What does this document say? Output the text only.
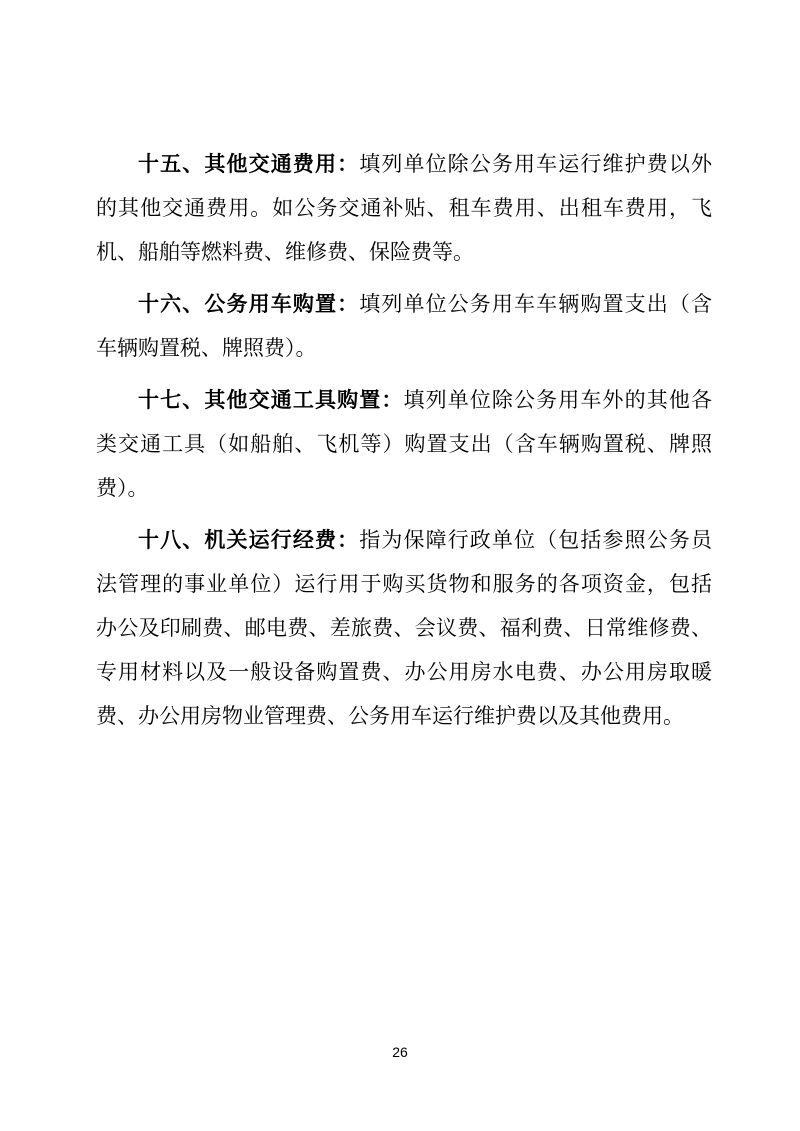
十五、其他交通费用：填列单位除公务用车运行维护费以外
的其他交通费用。如公务交通补贴、租车费用、出租车费用，飞
机、船舶等燃料费、维修费、保险费等。
十六、公务用车购置：填列单位公务用车车辆购置支出（含
车辆购置税、牌照费）。
十七、其他交通工具购置：填列单位除公务用车外的其他各
类交通工具（如船舶、飞机等）购置支出（含车辆购置税、牌照
费）。
十八、机关运行经费：指为保障行政单位（包括参照公务员
法管理的事业单位）运行用于购买货物和服务的各项资金，包括
办公及印刷费、邮电费、差旅费、会议费、福利费、日常维修费、
专用材料以及一般设备购置费、办公用房水电费、办公用房取暖
费、办公用房物业管理费、公务用车运行维护费以及其他费用。
26
